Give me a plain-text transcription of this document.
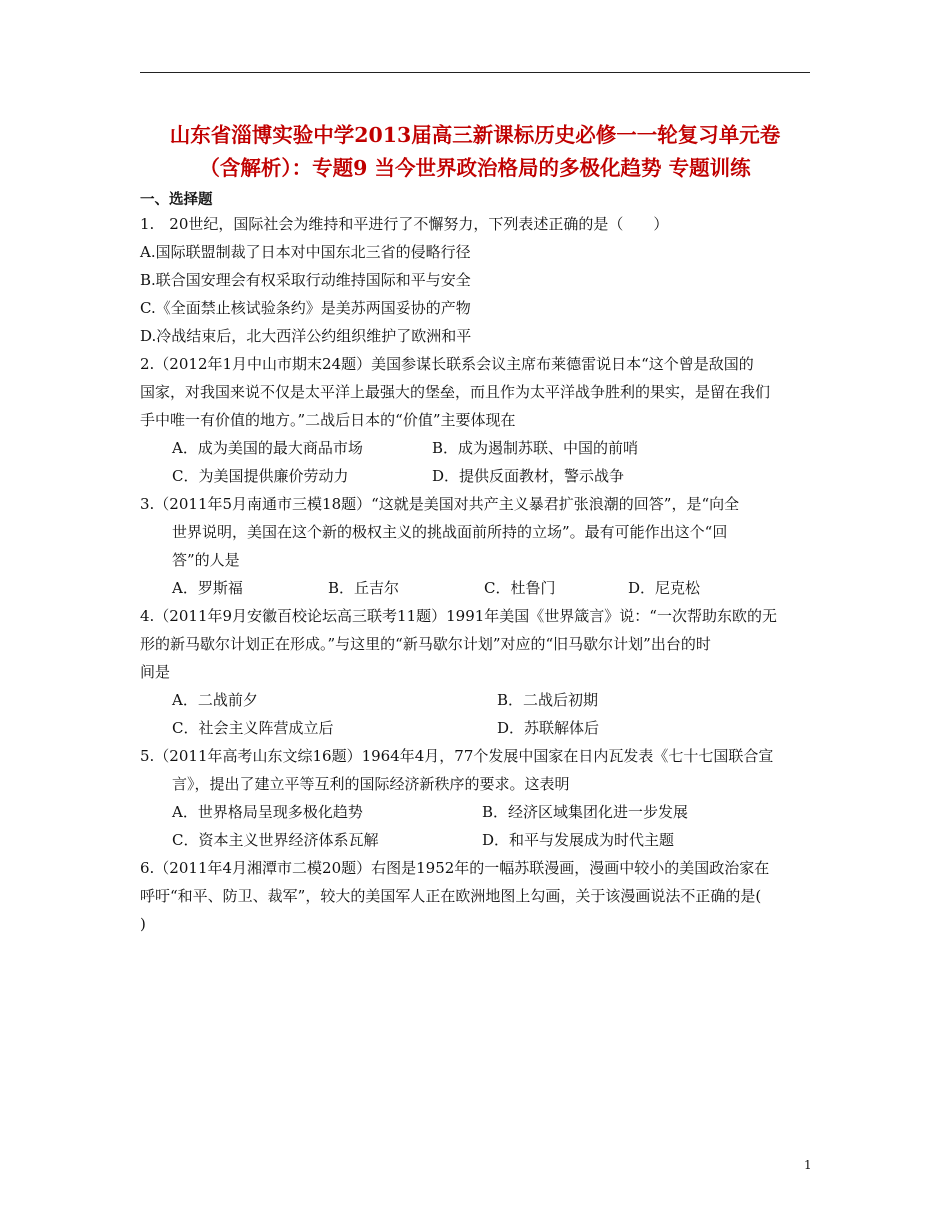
山东省淄博实验中学2013届高三新课标历史必修一一轮复习单元卷
（含解析）：专题9 当今世界政治格局的多极化趋势 专题训练
一、选择题
1.　20世纪，国际社会为维持和平进行了不懈努力，下列表述正确的是（　　）
A.国际联盟制裁了日本对中国东北三省的侵略行径
B.联合国安理会有权采取行动维持国际和平与安全
C.《全面禁止核试验条约》是美苏两国妥协的产物
D.冷战结束后，北大西洋公约组织维护了欧洲和平
2.（2012年1月中山市期末24题）美国参谋长联系会议主席布莱德雷说日本“这个曾是敌国的
国家，对我国来说不仅是太平洋上最强大的堡垒，而且作为太平洋战争胜利的果实，是留在我们
手中唯一有价值的地方。”二战后日本的“价值”主要体现在
A．成为美国的最大商品市场	B．成为遏制苏联、中国的前哨
C．为美国提供廉价劳动力	D．提供反面教材，警示战争
3.（2011年5月南通市三模18题）“这就是美国对共产主义暴君扩张浪潮的回答”，是“向全
世界说明，美国在这个新的极权主义的挑战面前所持的立场”。最有可能作出这个“回
答”的人是
A．罗斯福	B．丘吉尔	C．杜鲁门	D．尼克松
4.（2011年9月安徽百校论坛高三联考11题）1991年美国《世界箴言》说：“一次帮助东欧的无
形的新马歇尔计划正在形成。”与这里的“新马歇尔计划”对应的“旧马歇尔计划”出台的时
间是
A．二战前夕	B．二战后初期
C．社会主义阵营成立后	D．苏联解体后
5.（2011年高考山东文综16题）1964年4月，77个发展中国家在日内瓦发表《七十七国联合宣
言》，提出了建立平等互利的国际经济新秩序的要求。这表明
A．世界格局呈现多极化趋势	B．经济区域集团化进一步发展
C．资本主义世界经济体系瓦解	D．和平与发展成为时代主题
6.（2011年4月湘潭市二模20题）右图是1952年的一幅苏联漫画，漫画中较小的美国政治家在
呼吁“和平、防卫、裁军”，较大的美国军人正在欧洲地图上勾画，关于该漫画说法不正确的是(
)
1
